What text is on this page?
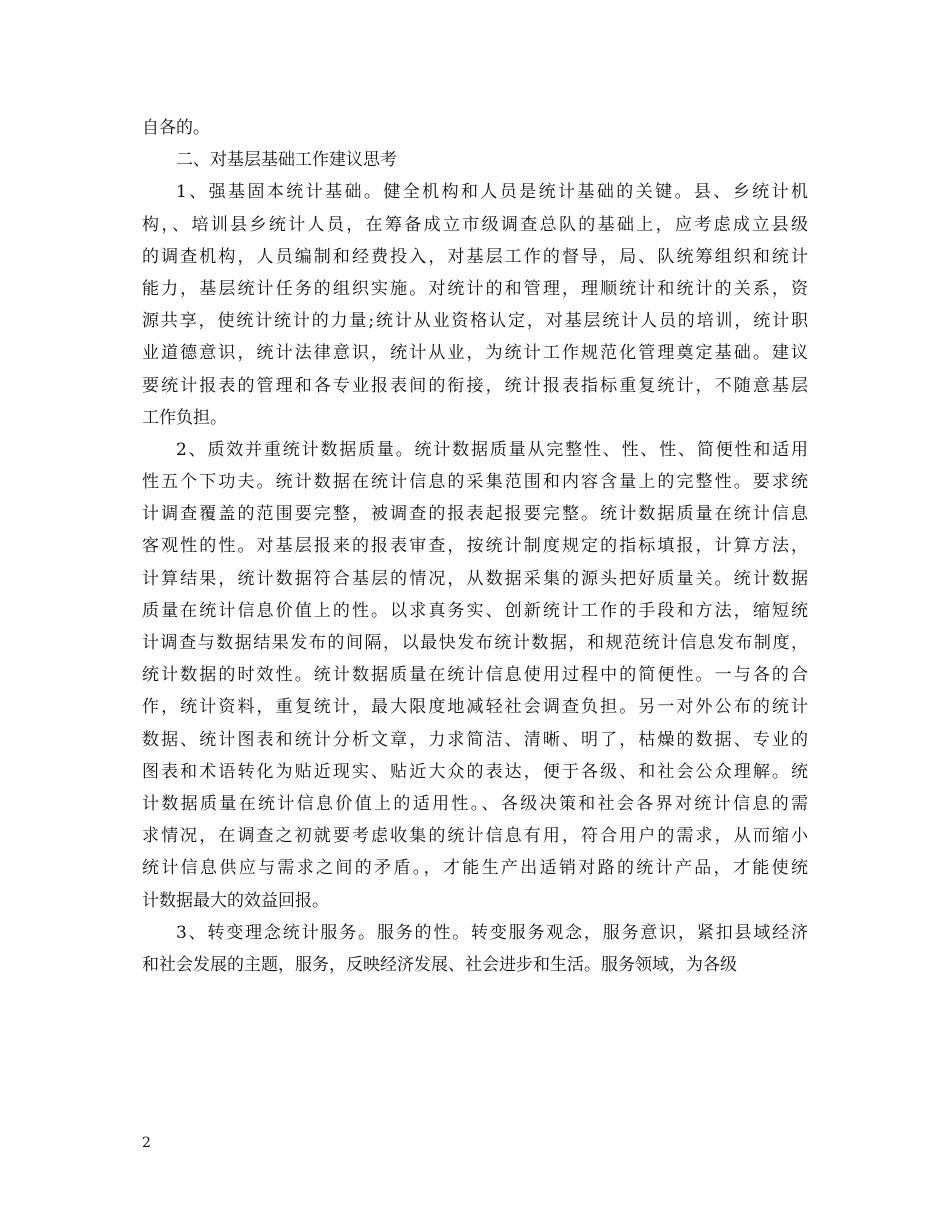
自各的。
二、对基层基础工作建议思考
1、强基固本统计基础。健全机构和人员是统计基础的关键。县、乡统计机
构，、培训县乡统计人员，在筹备成立市级调查总队的基础上，应考虑成立县级
的调查机构，人员编制和经费投入，对基层工作的督导，局、队统筹组织和统计
能力，基层统计任务的组织实施。对统计的和管理，理顺统计和统计的关系，资
源共享，使统计统计的力量;统计从业资格认定，对基层统计人员的培训，统计职
业道德意识，统计法律意识，统计从业，为统计工作规范化管理奠定基础。建议
要统计报表的管理和各专业报表间的衔接，统计报表指标重复统计，不随意基层
工作负担。
2、质效并重统计数据质量。统计数据质量从完整性、性、性、简便性和适用
性五个下功夫。统计数据在统计信息的采集范围和内容含量上的完整性。要求统
计调查覆盖的范围要完整，被调查的报表起报要完整。统计数据质量在统计信息
客观性的性。对基层报来的报表审查，按统计制度规定的指标填报，计算方法，
计算结果，统计数据符合基层的情况，从数据采集的源头把好质量关。统计数据
质量在统计信息价值上的性。以求真务实、创新统计工作的手段和方法，缩短统
计调查与数据结果发布的间隔，以最快发布统计数据，和规范统计信息发布制度，
统计数据的时效性。统计数据质量在统计信息使用过程中的简便性。一与各的合
作，统计资料，重复统计，最大限度地减轻社会调查负担。另一对外公布的统计
数据、统计图表和统计分析文章，力求简洁、清晰、明了，枯燥的数据、专业的
图表和术语转化为贴近现实、贴近大众的表达，便于各级、和社会公众理解。统
计数据质量在统计信息价值上的适用性。、各级决策和社会各界对统计信息的需
求情况，在调查之初就要考虑收集的统计信息有用，符合用户的需求，从而缩小
统计信息供应与需求之间的矛盾。，才能生产出适销对路的统计产品，才能使统
计数据最大的效益回报。
3、转变理念统计服务。服务的性。转变服务观念，服务意识，紧扣县域经济
和社会发展的主题，服务，反映经济发展、社会进步和生活。服务领域，为各级
2
